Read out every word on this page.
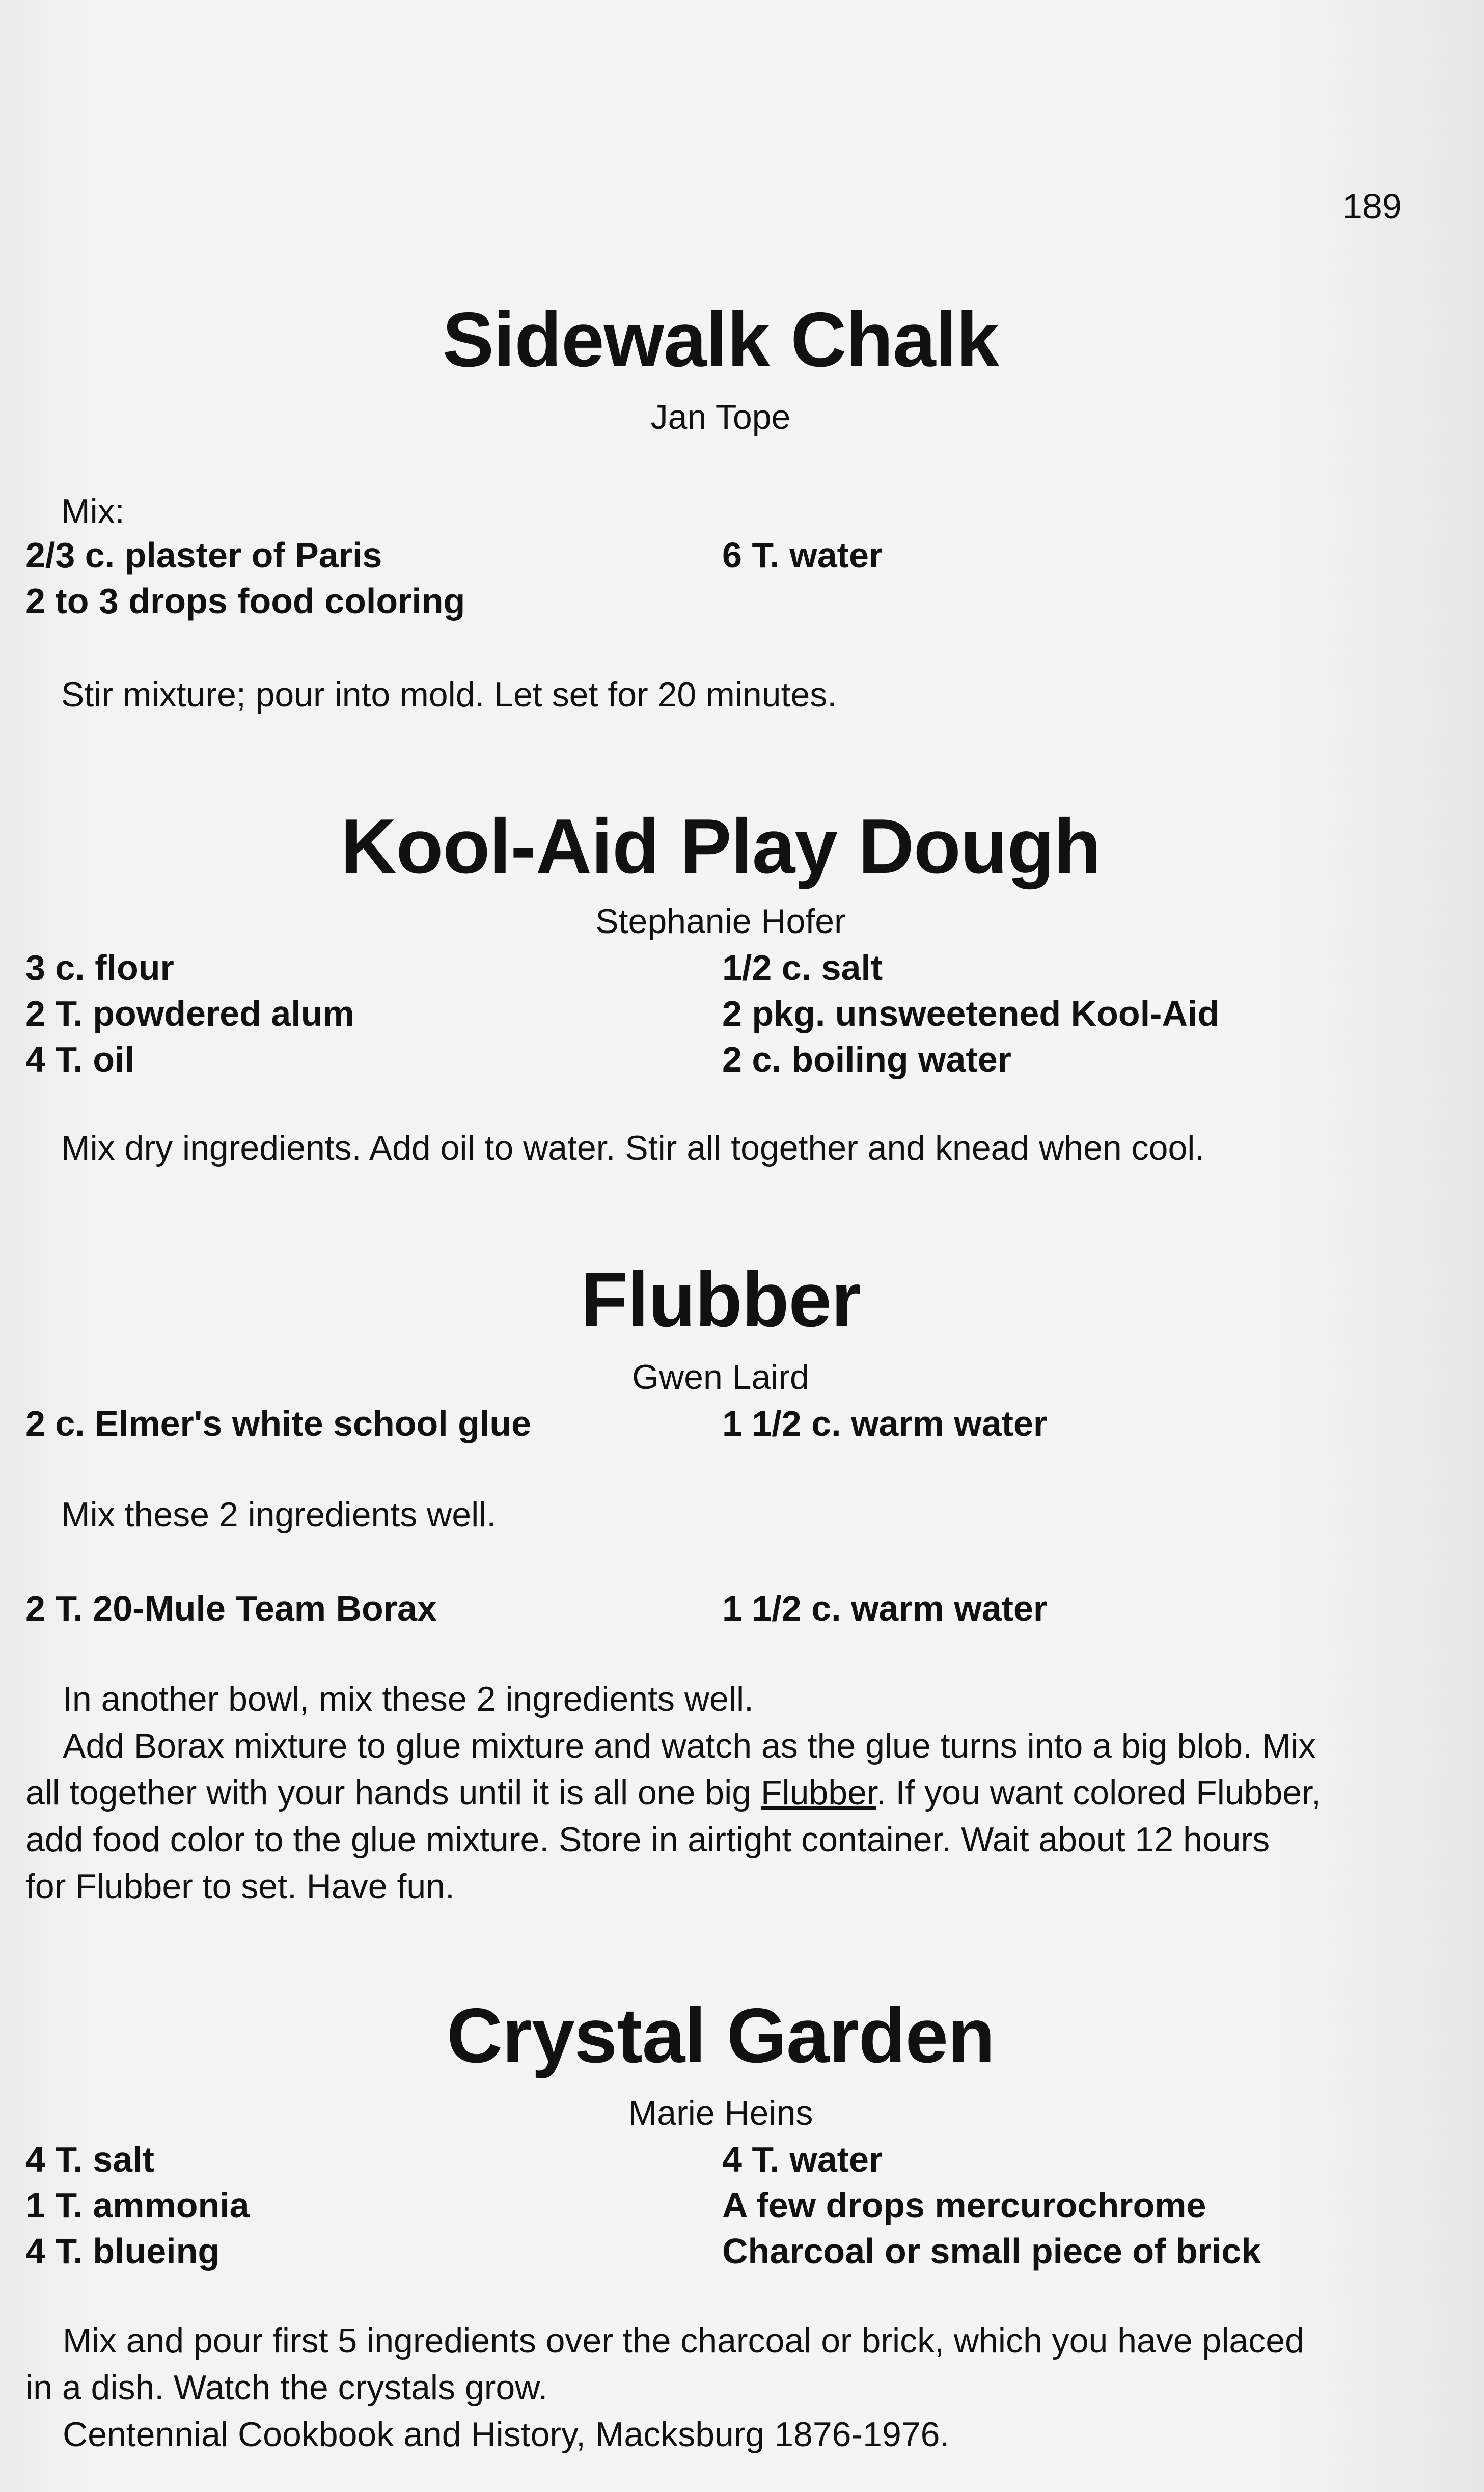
189
Sidewalk Chalk
Jan Tope
Mix:
2/3 c. plaster of Paris
2 to 3 drops food coloring
6 T. water
Stir mixture; pour into mold. Let set for 20 minutes.
Kool-Aid Play Dough
Stephanie Hofer
3 c. flour
2 T. powdered alum
4 T. oil
1/2 c. salt
2 pkg. unsweetened Kool-Aid
2 c. boiling water
Mix dry ingredients. Add oil to water. Stir all together and knead when cool.
Flubber
Gwen Laird
2 c. Elmer's white school glue	1 1/2 c. warm water
Mix these 2 ingredients well.
2 T. 20-Mule Team Borax	1 1/2 c. warm water

In another bowl, mix these 2 ingredients well.

Add Borax mixture to glue mixture and watch as the glue turns into a big blob. Mix

all together with your hands until it is all one big Flubber. If you want colored Flubber,

add food color to the glue mixture. Store in airtight container. Wait about 12 hours

for Flubber to set. Have fun.

Crystal Garden
Marie Heins
4 T. salt
1 T. ammonia
4 T. blueing
4 T. water
A few drops mercurochrome
Charcoal or small piece of brick

Mix and pour first 5 ingredients over the charcoal or brick, which you have placed

in a dish. Watch the crystals grow.

Centennial Cookbook and History, Macksburg 1876-1976.
